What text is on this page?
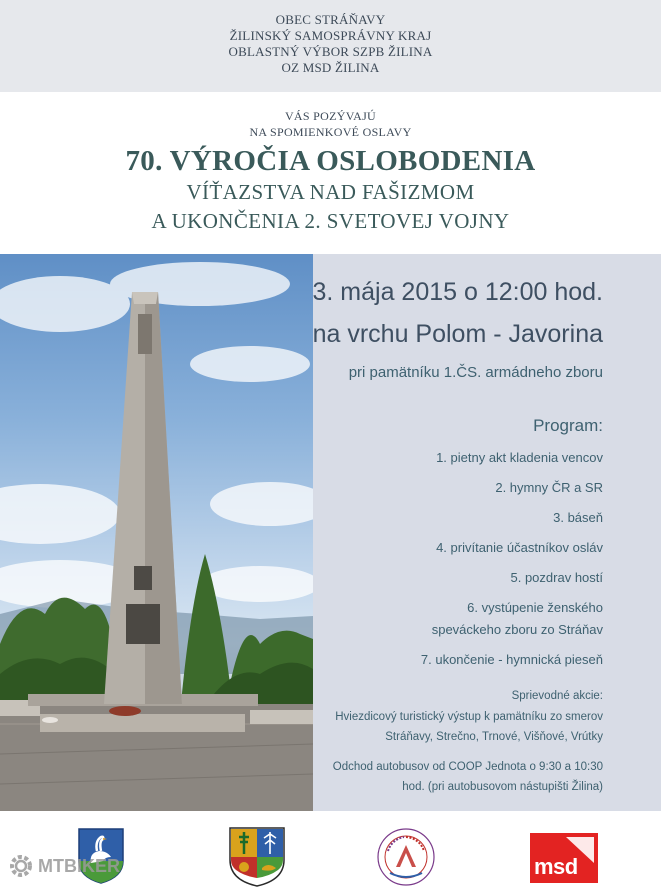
OBEC STRÁŇAVY
ŽILINSKÝ SAMOSPRÁVNY KRAJ
OBLASTNÝ VÝBOR SZPB ŽILINA
OZ MSD ŽILINA
VÁS POZÝVAJÚ
NA SPOMIENKOVÉ OSLAVY
70. VÝROČIA OSLOBODENIA
VÍŤAZSTVA NAD FAŠIZMOM
A UKONČENIA 2. SVETOVEJ VOJNY
3. mája 2015 o 12:00 hod.
na vrchu Polom - Javorina
pri pamätníku 1.ČS. armádneho zboru
Program:
1. pietny akt kladenia vencov
2. hymny ČR a SR
3. báseň
4. privítanie účastníkov osláv
5. pozdrav hostí
6. vystúpenie ženského
speváckeho zboru zo Stráňav
7. ukončenie - hymnická pieseň
Sprievodné akcie:
Hviezdicový turistický výstup k pamätníku zo smerov
Stráňavy, Strečno, Trnové, Višňové, Vrútky
Odchod autobusov od COOP Jednota o 9:30 a 10:30
hod. (pri autobusovom nástupišti Žilina)
msd
MTBIKER
